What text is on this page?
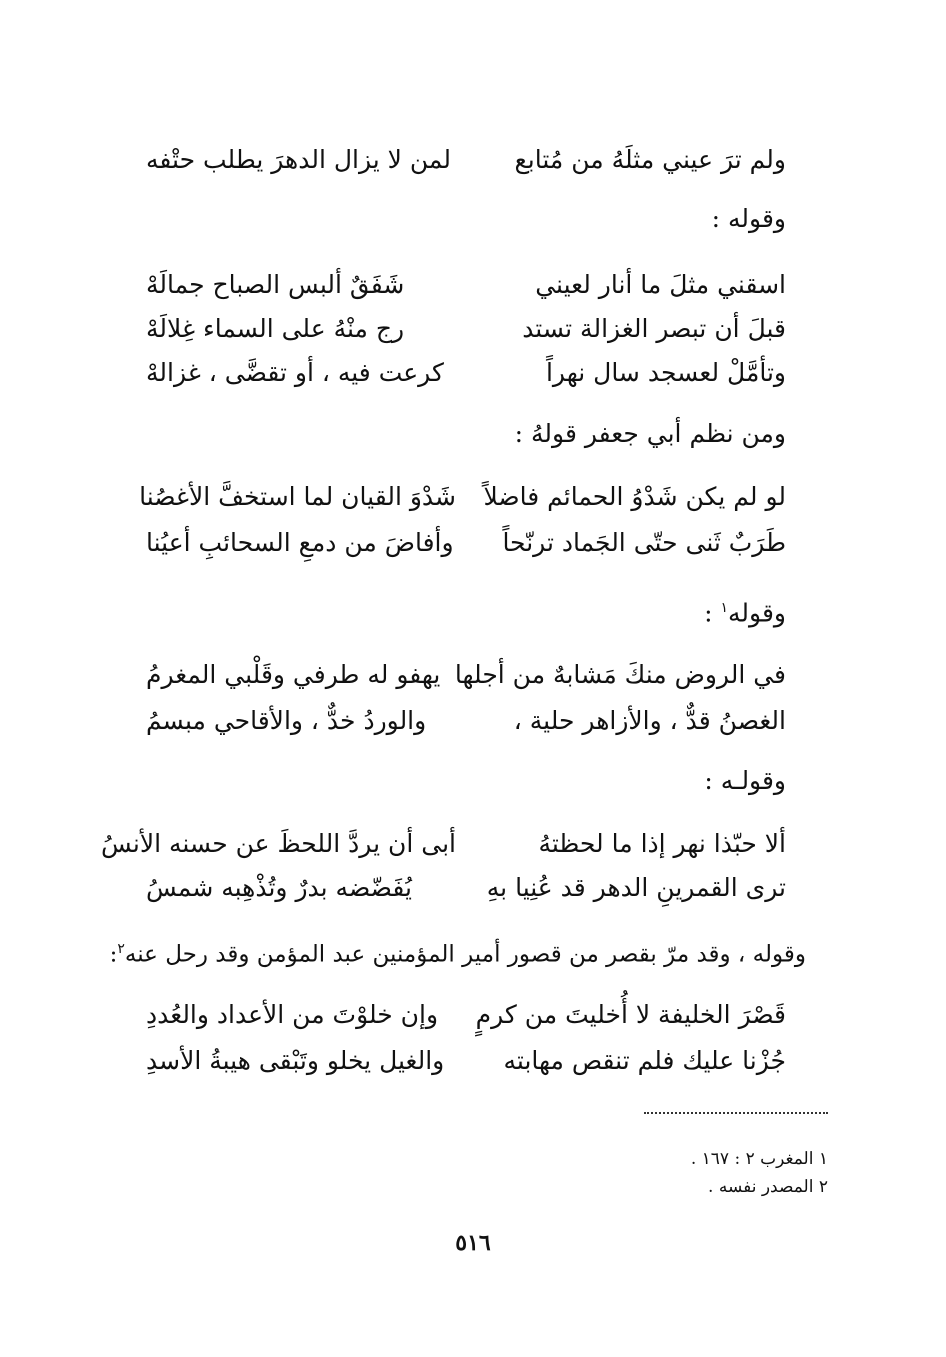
ولم ترَ عيني مثلَهُ من مُتابع
لمن لا يزال الدهرَ يطلب حتْفه
وقوله :
اسقني مثلَ ما أنار لعيني
شَفَقٌ ألبس الصباح جمالَهْ
قبلَ أن تبصر الغزالة تستد
رج منْهُ على السماء غِلالَهْ
وتأمَّلْ لعسجد سال نهراً
كرعت فيه ، أو تقضَّى ، غزالهْ
ومن نظم أبي جعفر قولهُ :
لو لم يكن شَدْوُ الحمائم فاضلاً
شَدْوَ القيان لما استخفَّ الأغصُنا
طَرَبٌ ثَنى حتّى الجَماد ترنّحاً
وأفاضَ من دمعِ السحائبِ أعيُنا
وقوله$^١$ :
في الروض منكَ مَشابهٌ من أجلها
يهفو له طرفي وقَلْبي المغرمُ
الغصنُ قدٌّ ، والأزاهر حلية ،
والوردُ خدٌّ ، والأقاحي مبسمُ
وقولـه :
ألا حبّذا نهر إذا ما لحظتهُ
أبى أن يردَّ اللحظَ عن حسنه الأنسُ
ترى القمرينِ الدهر قد عُنِيا بهِ
يُفَضّضه بدرٌ وتُذْهِبه شمسُ
وقوله ، وقد مرّ بقصر من قصور أمير المؤمنين عبد المؤمن وقد رحل عنه$^٢$:
قَصْرَ الخليفة لا أُخليتَ من كرمٍ
وإن خلوْتَ من الأعداد والعُددِ
جُزْنا عليك فلم تنقص مهابته
والغيل يخلو وتَبْقى هيبةُ الأسدِ
١ المغرب ٢ : ١٦٧ .
٢ المصدر نفسه .
٥١٦
